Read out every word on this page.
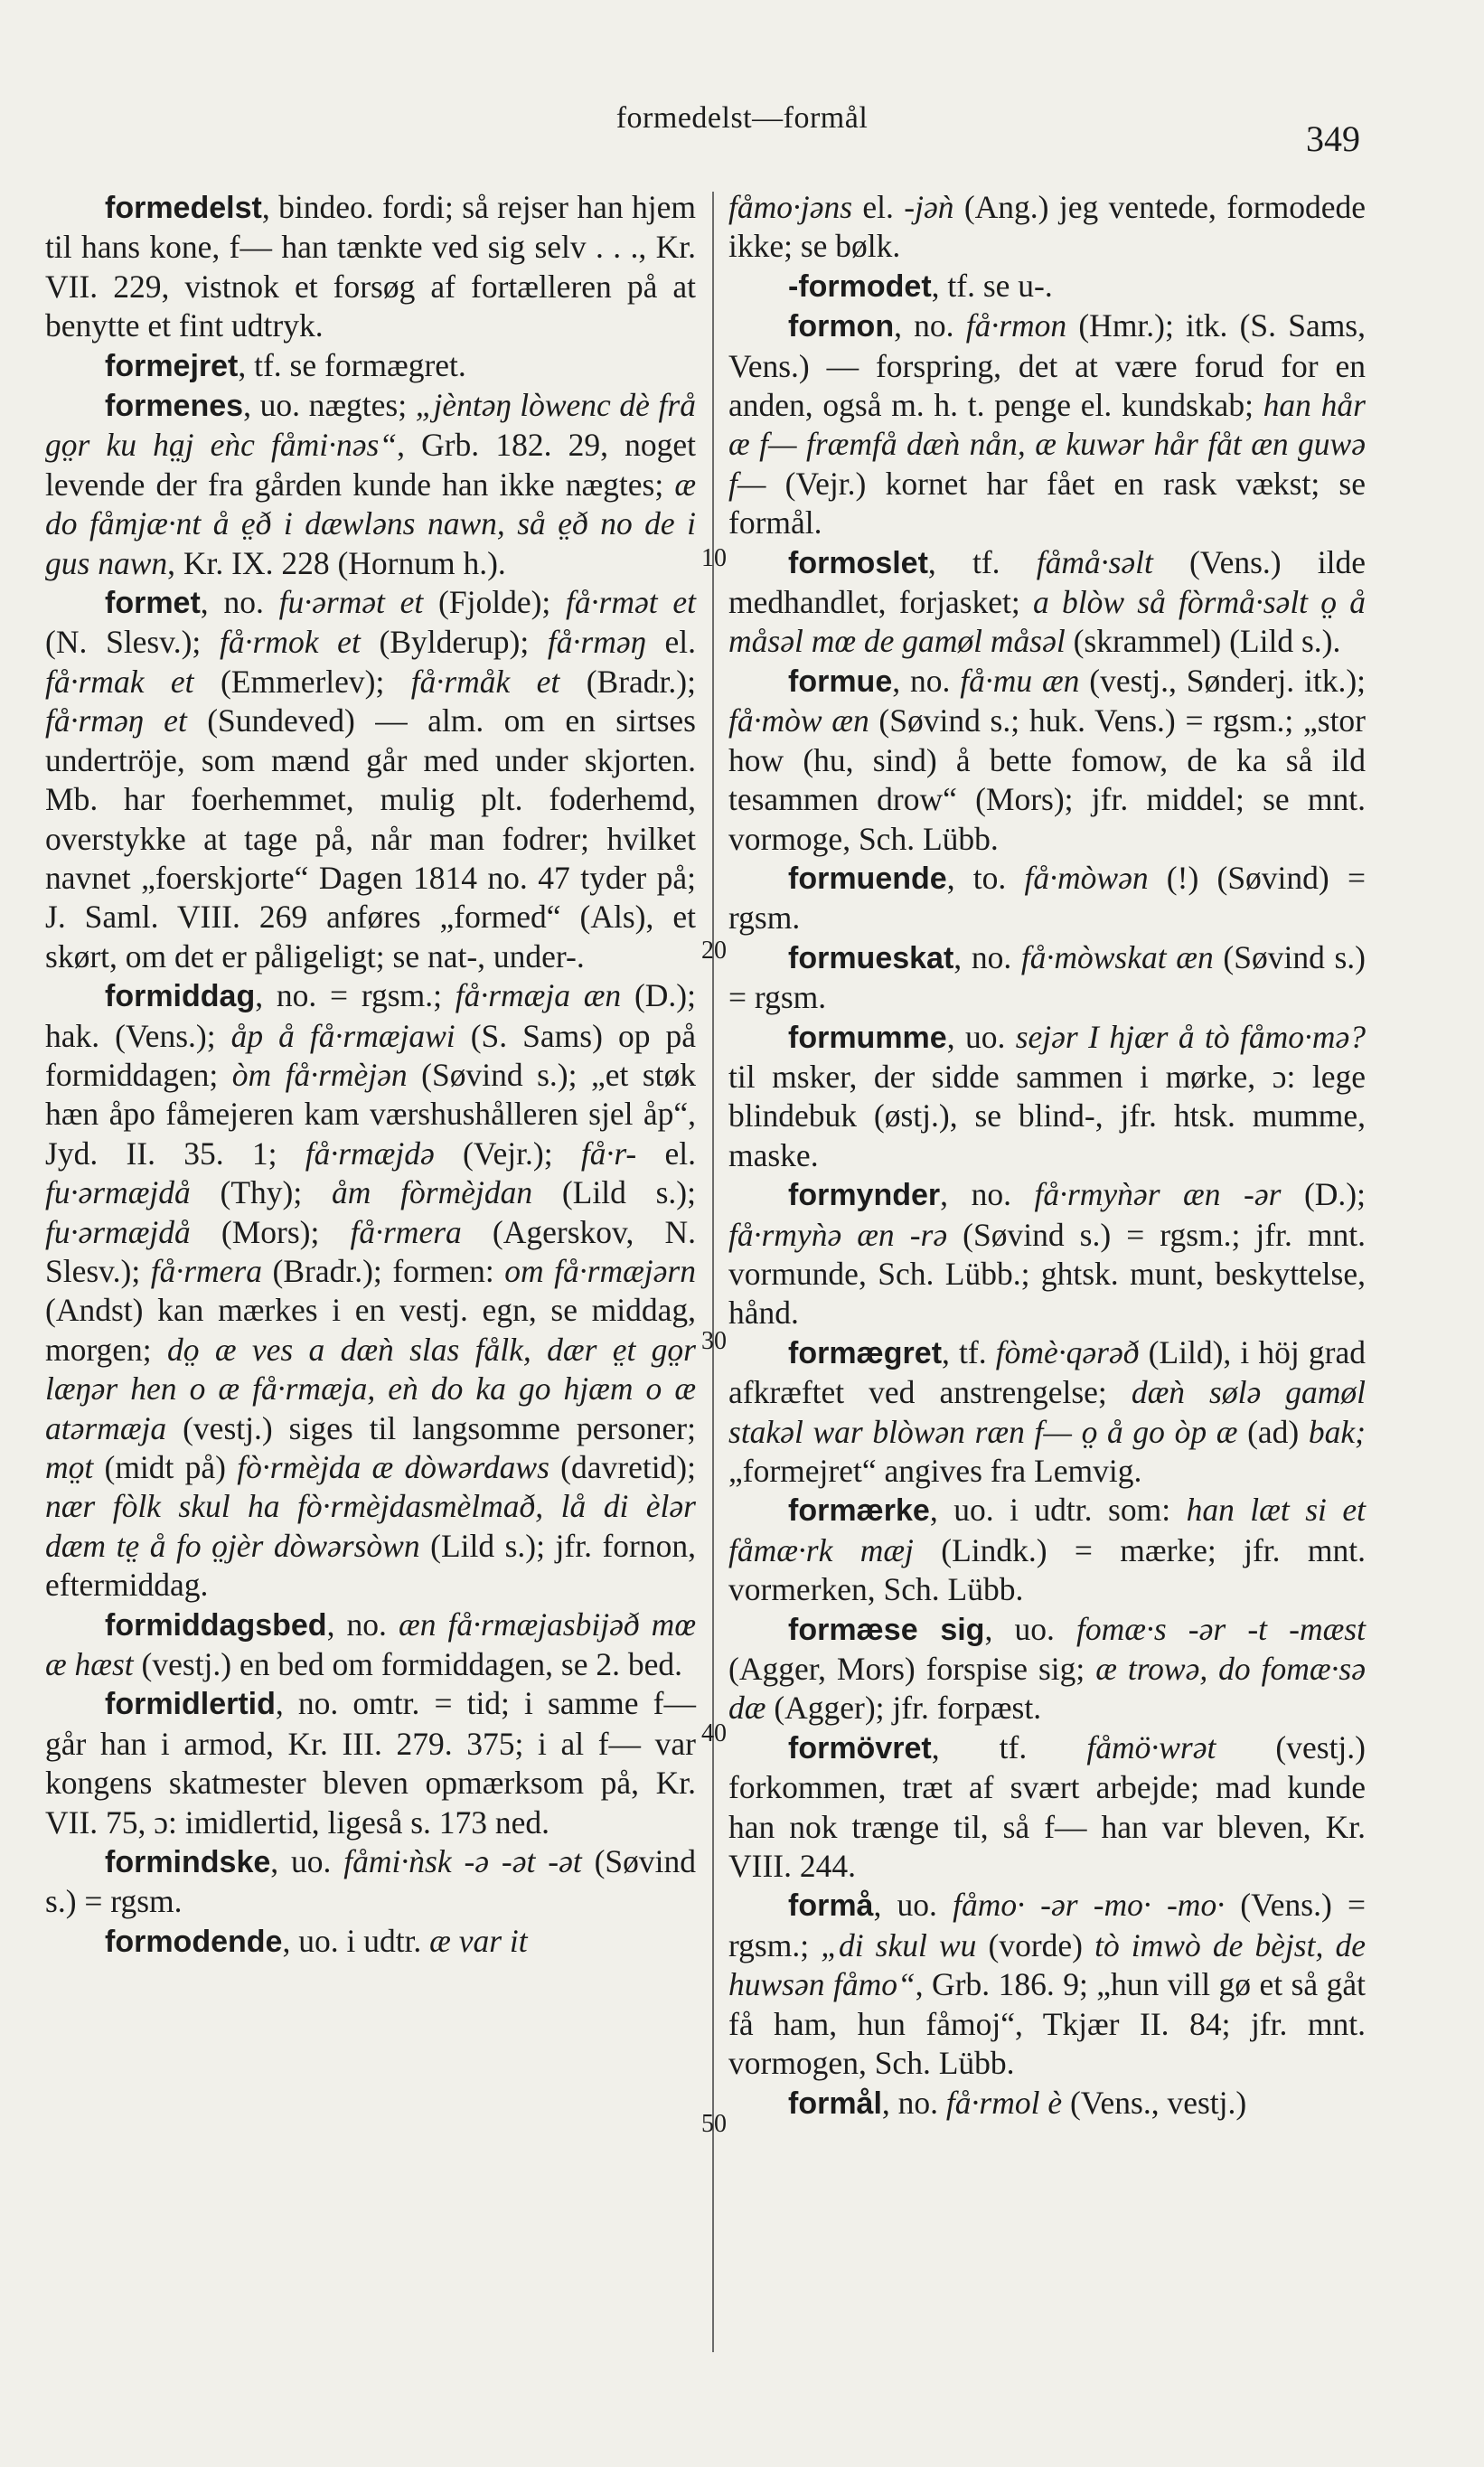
formedelst—formål
349

formedelst, bindeo. fordi; så rejser han hjem til hans kone, f— han tænkte ved sig selv . . ., Kr. VII. 229, vistnok et forsøg af fortælleren på at benytte et fint udtryk.

formejret, tf. se formægret.

formenes, uo. nægtes; „jèntəŋ lòwenc dè frå go̤r ku ha̤j eǹc fåmi·nəs“, Grb. 182. 29, noget levende der fra gården kunde han ikke nægtes; æ do fåmjæ·nt å e̤ð i dæwləns nawn, så e̤ð no de i gus nawn, Kr. IX. 228 (Hornum h.).

formet, no. fu·ərmət et (Fjolde); få·rmət et (N. Slesv.); få·rmok et (Bylderup); få·rməŋ el. få·rmak et (Emmerlev); få·rmåk et (Bradr.); få·rməŋ et (Sundeved) — alm. om en sirtses undertröje, som mænd går med under skjorten. Mb. har foerhemmet, mulig plt. foderhemd, overstykke at tage på, når man fodrer; hvilket navnet „foerskjorte“ Dagen 1814 no. 47 tyder på; J. Saml. VIII. 269 anføres „formed“ (Als), et skørt, om det er påligeligt; se nat-, under-.

formiddag, no. = rgsm.; få·rmæja æn (D.); hak. (Vens.); åp å få·rmæjawi (S. Sams) op på formiddagen; òm få·rmèjən (Søvind s.); „et støk hæn åpo fåmejeren kam værshushålleren sjel åp“, Jyd. II. 35. 1; få·rmæjdə (Vejr.); få·r- el. fu·ərmæjdå (Thy); åm fòrmèjdan (Lild s.); fu·ərmæjdå (Mors); få·rmera (Agerskov, N. Slesv.); få·rmera (Bradr.); formen: om få·rmæjərn (Andst) kan mærkes i en vestj. egn, se middag, morgen; do̤ æ ves a dæǹ slas fålk, dær e̤t go̤r læŋər hen o æ få·rmæja, eǹ do ka go hjæm o æ atərmæja (vestj.) siges til langsomme personer; mo̤t (midt på) fò·rmèjda æ dòwərdaws (davretid); nær fòlk skul ha fò·rmèjdasmèlmað, lå di èlər dæm te̤ å fo o̤jèr dòwərsòwn (Lild s.); jfr. fornon, eftermiddag.

formiddagsbed, no. æn få·rmæjasbijəð mœ æ hæst (vestj.) en bed om formiddagen, se 2. bed.

formidlertid, no. omtr. = tid; i samme f— går han i armod, Kr. III. 279. 375; i al f— var kongens skatmester bleven opmærksom på, Kr. VII. 75, ɔ: imidlertid, ligeså s. 173 ned.

formindske, uo. fåmi·ǹsk -ə -ət -ət (Søvind s.) = rgsm.

formodende, uo. i udtr. æ var it

fåmo·jəns el. -jəǹ (Ang.) jeg ventede, formodede ikke; se bølk.

-formodet, tf. se u-.

formon, no. få·rmon (Hmr.); itk. (S. Sams, Vens.) — forspring, det at være forud for en anden, også m. h. t. penge el. kundskab; han hår æ f— fræmfå dæǹ nån, æ kuwər hår fåt æn guwə f— (Vejr.) kornet har fået en rask vækst; se formål.

formoslet, tf. fåmå·səlt (Vens.) ilde medhandlet, forjasket; a blòw så fòrmå·səlt o̤ å måsəl mœ de gamøl måsəl (skrammel) (Lild s.).

formue, no. få·mu æn (vestj., Sønderj. itk.); få·mòw æn (Søvind s.; huk. Vens.) = rgsm.; „stor how (hu, sind) å bette fomow, de ka så ild tesammen drow“ (Mors); jfr. middel; se mnt. vormoge, Sch. Lübb.

formuende, to. få·mòwən (!) (Søvind) = rgsm.

formueskat, no. få·mòwskat æn (Søvind s.) = rgsm.

formumme, uo. sejər I hjær å tò fåmo·mə? til msker, der sidde sammen i mørke, ɔ: lege blindebuk (østj.), se blind-, jfr. htsk. mumme, maske.

formynder, no. få·rmyǹər æn -ər (D.); få·rmyǹə æn -rə (Søvind s.) = rgsm.; jfr. mnt. vormunde, Sch. Lübb.; ghtsk. munt, beskyttelse, hånd.

formægret, tf. fòmè·qərəð (Lild), i höj grad afkræftet ved anstrengelse; dæǹ sølə gamøl stakəl war blòwən ræn f— o̤ å go òp æ (ad) bak; „formejret“ angives fra Lemvig.

formærke, uo. i udtr. som: han læt si et fåmæ·rk mæj (Lindk.) = mærke; jfr. mnt. vormerken, Sch. Lübb.

formæse sig, uo. fomæ·s -ər -t -mæst (Agger, Mors) forspise sig; æ trowə, do fomæ·sə dæ (Agger); jfr. forpæst.

formövret, tf. fåmö·wrət (vestj.) forkommen, træt af svært arbejde; mad kunde han nok trænge til, så f— han var bleven, Kr. VIII. 244.

formå, uo. fåmo· -ər -mo· -mo· (Vens.) = rgsm.; „di skul wu (vorde) tò imwò de bèjst, de huwsən fåmo“, Grb. 186. 9; „hun vill gø et så gåt få ham, hun fåmoj“, Tkjær II. 84; jfr. mnt. vormogen, Sch. Lübb.

formål, no. få·rmol è (Vens., vestj.)

10
20
30
40
50
